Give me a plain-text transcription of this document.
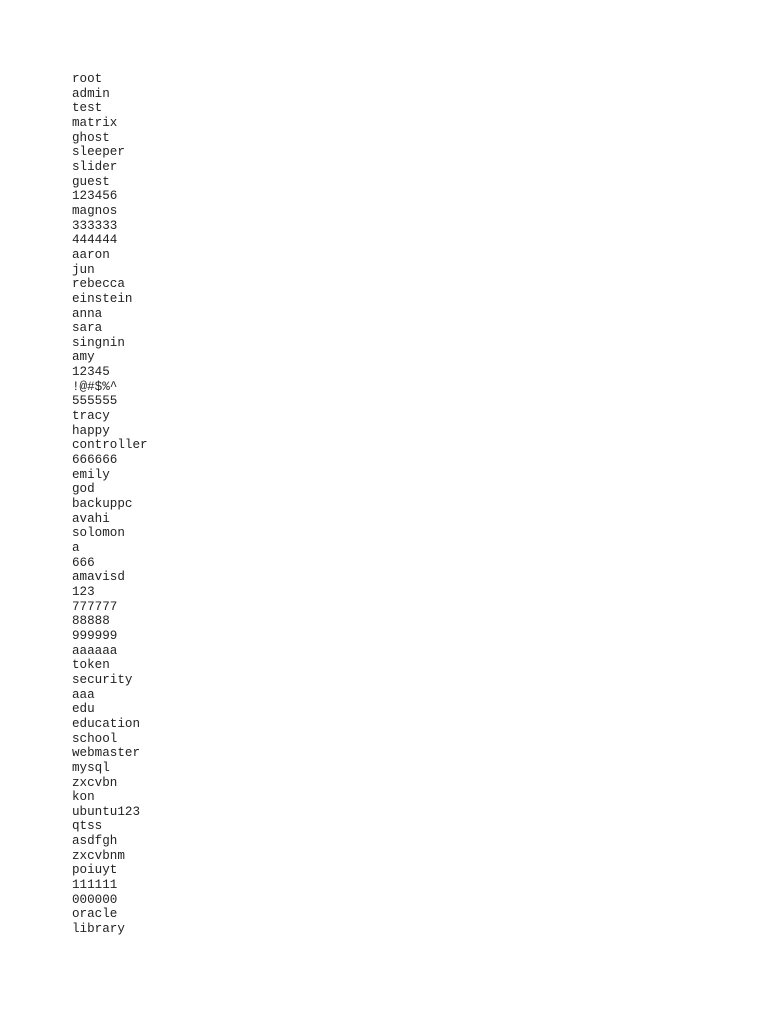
root
admin
test
matrix
ghost
sleeper
slider
guest
123456
magnos
333333
444444
aaron
jun
rebecca
einstein
anna
sara
singnin
amy
12345
!@#$%^
555555
tracy
happy
controller
666666
emily
god
backuppc
avahi
solomon
a
666
amavisd
123
777777
88888
999999
aaaaaa
token
security
aaa
edu
education
school
webmaster
mysql
zxcvbn
kon
ubuntu123
qtss
asdfgh
zxcvbnm
poiuyt
111111
000000
oracle
library
